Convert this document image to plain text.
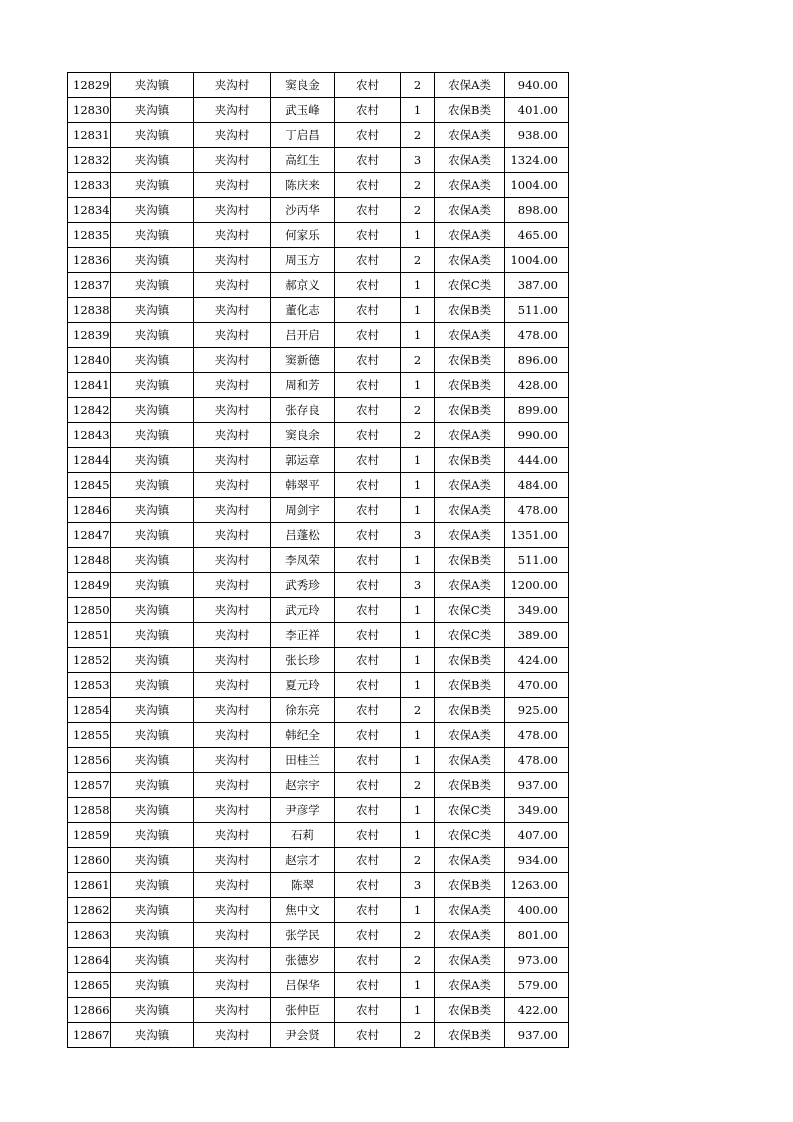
12829	夹沟镇	夹沟村	窦良金	农村	2	农保A类	940.00
12830	夹沟镇	夹沟村	武玉峰	农村	1	农保B类	401.00
12831	夹沟镇	夹沟村	丁启昌	农村	2	农保A类	938.00
12832	夹沟镇	夹沟村	高红生	农村	3	农保A类	1324.00
12833	夹沟镇	夹沟村	陈庆来	农村	2	农保A类	1004.00
12834	夹沟镇	夹沟村	沙丙华	农村	2	农保A类	898.00
12835	夹沟镇	夹沟村	何家乐	农村	1	农保A类	465.00
12836	夹沟镇	夹沟村	周玉方	农村	2	农保A类	1004.00
12837	夹沟镇	夹沟村	郝京义	农村	1	农保C类	387.00
12838	夹沟镇	夹沟村	董化志	农村	1	农保B类	511.00
12839	夹沟镇	夹沟村	吕开启	农村	1	农保A类	478.00
12840	夹沟镇	夹沟村	窦新德	农村	2	农保B类	896.00
12841	夹沟镇	夹沟村	周和芳	农村	1	农保B类	428.00
12842	夹沟镇	夹沟村	张存良	农村	2	农保B类	899.00
12843	夹沟镇	夹沟村	窦良余	农村	2	农保A类	990.00
12844	夹沟镇	夹沟村	郭运章	农村	1	农保B类	444.00
12845	夹沟镇	夹沟村	韩翠平	农村	1	农保A类	484.00
12846	夹沟镇	夹沟村	周剑宇	农村	1	农保A类	478.00
12847	夹沟镇	夹沟村	吕蓬松	农村	3	农保A类	1351.00
12848	夹沟镇	夹沟村	李凤荣	农村	1	农保B类	511.00
12849	夹沟镇	夹沟村	武秀珍	农村	3	农保A类	1200.00
12850	夹沟镇	夹沟村	武元玲	农村	1	农保C类	349.00
12851	夹沟镇	夹沟村	李正祥	农村	1	农保C类	389.00
12852	夹沟镇	夹沟村	张长珍	农村	1	农保B类	424.00
12853	夹沟镇	夹沟村	夏元玲	农村	1	农保B类	470.00
12854	夹沟镇	夹沟村	徐东亮	农村	2	农保B类	925.00
12855	夹沟镇	夹沟村	韩纪全	农村	1	农保A类	478.00
12856	夹沟镇	夹沟村	田桂兰	农村	1	农保A类	478.00
12857	夹沟镇	夹沟村	赵宗宇	农村	2	农保B类	937.00
12858	夹沟镇	夹沟村	尹彦学	农村	1	农保C类	349.00
12859	夹沟镇	夹沟村	石莉	农村	1	农保C类	407.00
12860	夹沟镇	夹沟村	赵宗才	农村	2	农保A类	934.00
12861	夹沟镇	夹沟村	陈翠	农村	3	农保B类	1263.00
12862	夹沟镇	夹沟村	焦中文	农村	1	农保A类	400.00
12863	夹沟镇	夹沟村	张学民	农村	2	农保A类	801.00
12864	夹沟镇	夹沟村	张德岁	农村	2	农保A类	973.00
12865	夹沟镇	夹沟村	吕保华	农村	1	农保A类	579.00
12866	夹沟镇	夹沟村	张仲臣	农村	1	农保B类	422.00
12867	夹沟镇	夹沟村	尹会贤	农村	2	农保B类	937.00
